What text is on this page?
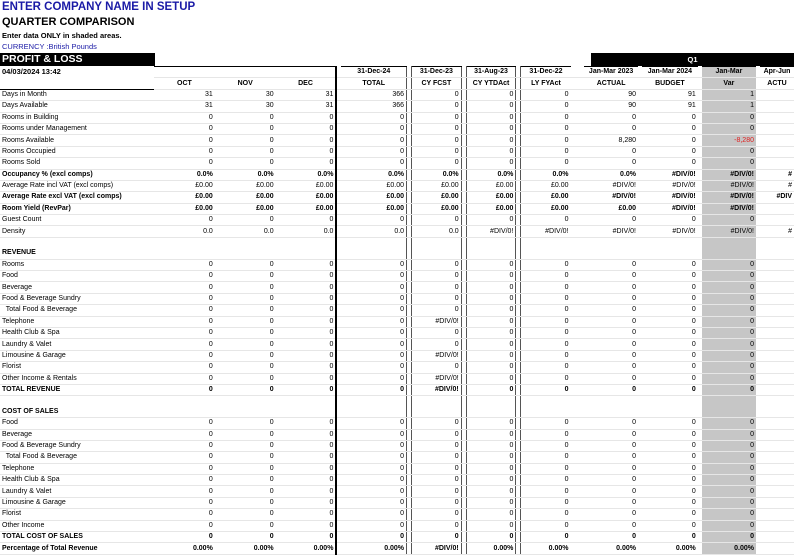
ENTER COMPANY NAME IN SETUP
QUARTER COMPARISON
Enter data ONLY in shaded areas.
CURRENCY :British Pounds
PROFIT & LOSS
04/03/2024 13:42
Q1
					31-Dec-24		31-Dec-23		31-Aug-23		31-Dec-22		Jan-Mar 2023		Jan-Mar 2024		Jan-Mar		Apr-Jun
	OCT	NOV	DEC		TOTAL		CY FCST		CY YTDAct		LY FYAct		ACTUAL		BUDGET		Var		ACTU
Days in Month	31	30	31		366		0		0		0		90		91		1		
Days Available	31	30	31		366		0		0		0		90		91		1		
Rooms in Building	0	0	0		0		0		0		0		0		0		0		
Rooms under Management	0	0	0		0		0		0		0		0		0		0		
Rooms Available	0	0	0		0		0		0		0		8,280		0		-8,280		
Rooms Occupied	0	0	0		0		0		0		0		0		0		0		
Rooms Sold	0	0	0		0		0		0		0		0		0		0		
Occupancy % (excl comps)	0.0%	0.0%	0.0%		0.0%		0.0%		0.0%		0.0%		0.0%		#DIV/0!		#DIV/0!		#
Average Rate incl VAT (excl comps)	£0.00	£0.00	£0.00		£0.00		£0.00		£0.00		£0.00		#DIV/0!		#DIV/0!		#DIV/0!		#
Average Rate excl VAT (excl comps)	£0.00	£0.00	£0.00		£0.00		£0.00		£0.00		£0.00		#DIV/0!		#DIV/0!		#DIV/0!		#DIV
Room Yield (RevPar)	£0.00	£0.00	£0.00		£0.00		£0.00		£0.00		£0.00		£0.00		#DIV/0!		#DIV/0!		
Guest Count	0	0	0		0		0		0		0		0		0		0		
Density	0.0	0.0	0.0		0.0		0.0		#DIV/0!		#DIV/0!		#DIV/0!		#DIV/0!		#DIV/0!		#

REVENUE																			
Rooms	0	0	0		0		0		0		0		0		0		0		
Food	0	0	0		0		0		0		0		0		0		0		
Beverage	0	0	0		0		0		0		0		0		0		0		
Food & Beverage Sundry	0	0	0		0		0		0		0		0		0		0		
Total Food & Beverage	0	0	0		0		0		0		0		0		0		0		
Telephone	0	0	0		0		#DIV/0!		0		0		0		0		0		
Health Club & Spa	0	0	0		0		0		0		0		0		0		0		
Laundry & Valet	0	0	0		0		0		0		0		0		0		0		
Limousine & Garage	0	0	0		0		#DIV/0!		0		0		0		0		0		
Florist	0	0	0		0		0		0		0		0		0		0		
Other Income & Rentals	0	0	0		0		#DIV/0!		0		0		0		0		0		
TOTAL REVENUE	0	0	0		0		#DIV/0!		0		0		0		0		0		

COST OF SALES																			
Food	0	0	0		0		0		0		0		0		0		0		
Beverage	0	0	0		0		0		0		0		0		0		0		
Food & Beverage Sundry	0	0	0		0		0		0		0		0		0		0		
Total Food & Beverage	0	0	0		0		0		0		0		0		0		0		
Telephone	0	0	0		0		0		0		0		0		0		0		
Health Club & Spa	0	0	0		0		0		0		0		0		0		0		
Laundry & Valet	0	0	0		0		0		0		0		0		0		0		
Limousine & Garage	0	0	0		0		0		0		0		0		0		0		
Florist	0	0	0		0		0		0		0		0		0		0		
Other Income	0	0	0		0		0		0		0		0		0		0		
TOTAL COST OF SALES	0	0	0		0		0		0		0		0		0		0		
Percentage of Total Revenue	0.00%	0.00%	0.00%		0.00%		#DIV/0!		0.00%		0.00%		0.00%		0.00%		0.00%		
